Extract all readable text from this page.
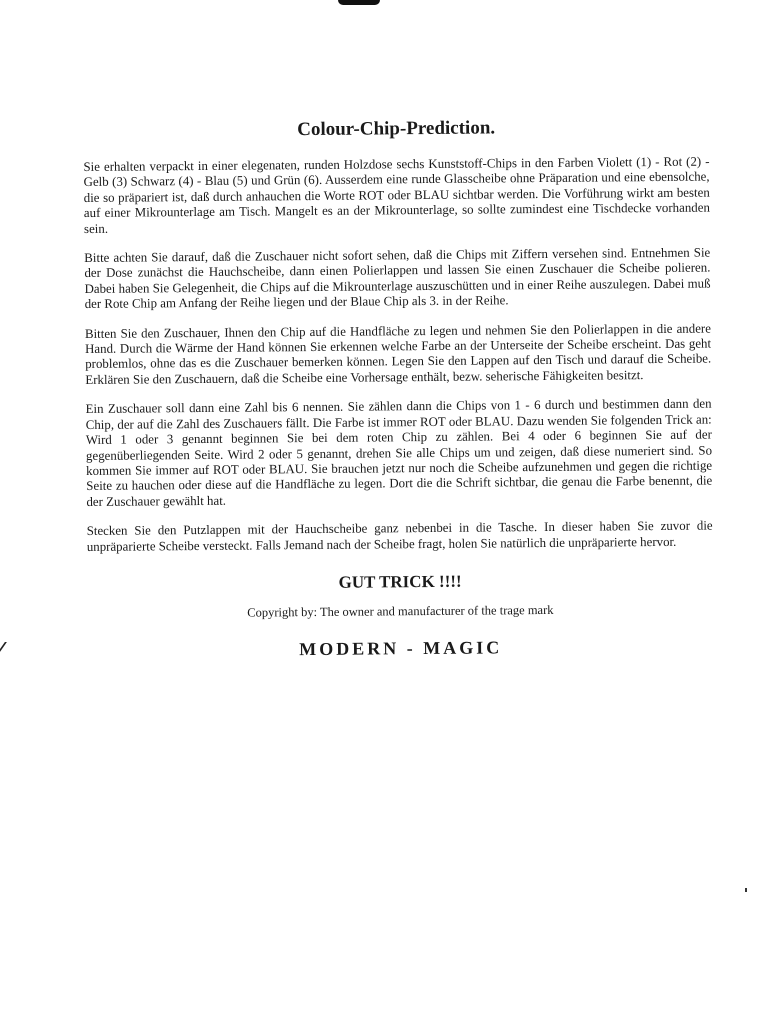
Colour-Chip-Prediction.

Sie erhalten verpackt in einer elegenaten, runden Holzdose sechs Kunststoff-Chips in den Farben Violett (1) - Rot (2) - Gelb (3) Schwarz (4) - Blau (5) und Grün (6). Ausserdem eine runde Glasscheibe ohne Präparation und eine ebensolche, die so präpariert ist, daß durch anhauchen die Worte ROT oder BLAU sichtbar werden. Die Vorführung wirkt am besten auf einer Mikrounterlage am Tisch. Mangelt es an der Mikrounterlage, so sollte zumindest eine Tischdecke vorhanden sein.

Bitte achten Sie darauf, daß die Zuschauer nicht sofort sehen, daß die Chips mit Ziffern versehen sind. Entnehmen Sie der Dose zunächst die Hauchscheibe, dann einen Polierlappen und lassen Sie einen Zuschauer die Scheibe polieren. Dabei haben Sie Gelegenheit, die Chips auf die Mikrounterlage auszuschütten und in einer Reihe auszulegen. Dabei muß der Rote Chip am Anfang der Reihe liegen und der Blaue Chip als 3. in der Reihe.

Bitten Sie den Zuschauer, Ihnen den Chip auf die Handfläche zu legen und nehmen Sie den Polierlappen in die andere Hand. Durch die Wärme der Hand können Sie erkennen welche Farbe an der Unterseite der Scheibe erscheint. Das geht problemlos, ohne das es die Zuschauer bemerken können. Legen Sie den Lappen auf den Tisch und darauf die Scheibe. Erklären Sie den Zuschauern, daß die Scheibe eine Vorhersage enthält, bezw. seherische Fähigkeiten besitzt.

Ein Zuschauer soll dann eine Zahl bis 6 nennen. Sie zählen dann die Chips von 1 - 6 durch und bestimmen dann den Chip, der auf die Zahl des Zuschauers fällt. Die Farbe ist immer ROT oder BLAU. Dazu wenden Sie folgenden Trick an: Wird 1 oder 3 genannt beginnen Sie bei dem roten Chip zu zählen. Bei 4 oder 6 beginnen Sie auf der gegenüberliegenden Seite. Wird 2 oder 5 genannt, drehen Sie alle Chips um und zeigen, daß diese numeriert sind. So kommen Sie immer auf ROT oder BLAU. Sie brauchen jetzt nur noch die Scheibe aufzunehmen und gegen die richtige Seite zu hauchen oder diese auf die Handfläche zu legen. Dort die die Schrift sichtbar, die genau die Farbe benennt, die der Zuschauer gewählt hat.

Stecken Sie den Putzlappen mit der Hauchscheibe ganz nebenbei in die Tasche. In dieser haben Sie zuvor die unpräparierte Scheibe versteckt. Falls Jemand nach der Scheibe fragt, holen Sie natürlich die unpräparierte hervor.

GUT TRICK !!!!
Copyright by: The owner and manufacturer of the trage mark
MODERN - MAGIC
